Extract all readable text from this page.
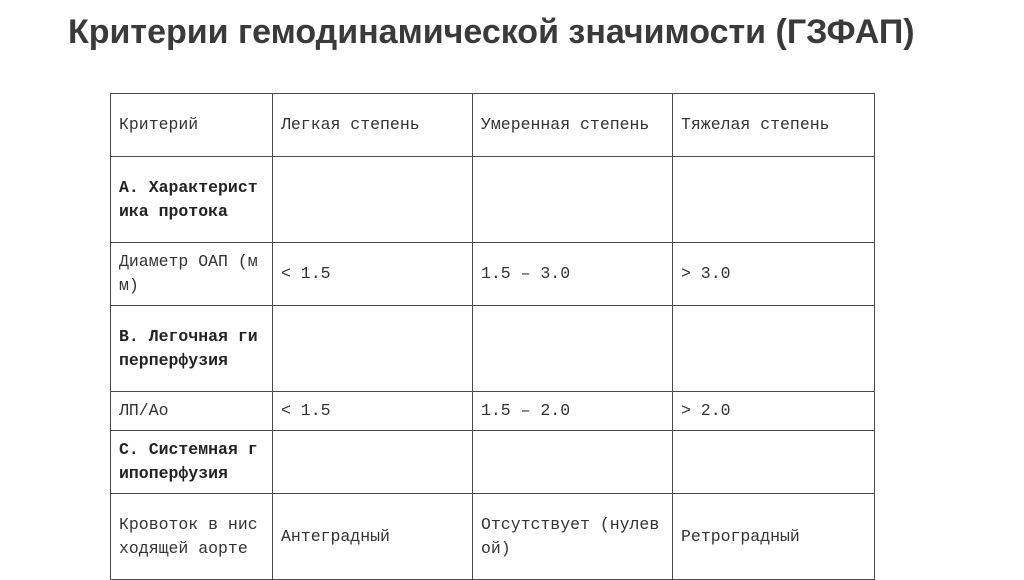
Критерии гемодинамической значимости (ГЗФАП)
Критерий	Легкая степень	Умеренная степень	Тяжелая степень
А. Характеристика протока			
Диаметр ОАП (мм)	< 1.5	1.5 – 3.0	> 3.0
В. Легочная гиперперфузия			
ЛП/Ао	< 1.5	1.5 – 2.0	> 2.0
С. Системная гипоперфузия			
Кровоток в нисходящей аорте	Антеградный	Отсутствует (нулевой)	Ретроградный
